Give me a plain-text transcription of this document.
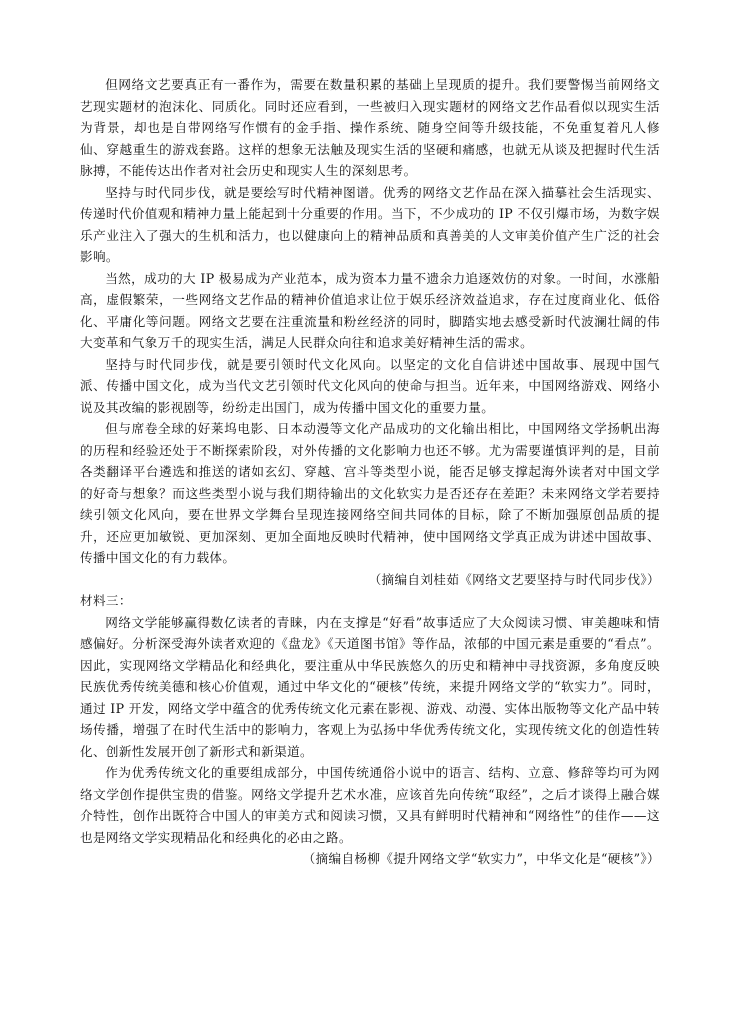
但网络文艺要真正有一番作为，需要在数量积累的基础上呈现质的提升。我们要警惕当前网络文艺现实题材的泡沫化、同质化。同时还应看到，一些被归入现实题材的网络文艺作品看似以现实生活为背景，却也是自带网络写作惯有的金手指、操作系统、随身空间等升级技能，不免重复着凡人修仙、穿越重生的游戏套路。这样的想象无法触及现实生活的坚硬和痛感，也就无从谈及把握时代生活脉搏，不能传达出作者对社会历史和现实人生的深刻思考。

坚持与时代同步伐，就是要绘写时代精神图谱。优秀的网络文艺作品在深入描摹社会生活现实、传递时代价值观和精神力量上能起到十分重要的作用。当下，不少成功的 IP 不仅引爆市场，为数字娱乐产业注入了强大的生机和活力，也以健康向上的精神品质和真善美的人文审美价值产生广泛的社会影响。

当然，成功的大 IP 极易成为产业范本，成为资本力量不遗余力追逐效仿的对象。一时间，水涨船高，虚假繁荣，一些网络文艺作品的精神价值追求让位于娱乐经济效益追求，存在过度商业化、低俗化、平庸化等问题。网络文艺要在注重流量和粉丝经济的同时，脚踏实地去感受新时代波澜壮阔的伟大变革和气象万千的现实生活，满足人民群众向往和追求美好精神生活的需求。

坚持与时代同步伐，就是要引领时代文化风向。以坚定的文化自信讲述中国故事、展现中国气派、传播中国文化，成为当代文艺引领时代文化风向的使命与担当。近年来，中国网络游戏、网络小说及其改编的影视剧等，纷纷走出国门，成为传播中国文化的重要力量。

但与席卷全球的好莱坞电影、日本动漫等文化产品成功的文化输出相比，中国网络文学扬帆出海的历程和经验还处于不断探索阶段，对外传播的文化影响力也还不够。尤为需要谨慎评判的是，目前各类翻译平台遴选和推送的诸如玄幻、穿越、宫斗等类型小说，能否足够支撑起海外读者对中国文学的好奇与想象？而这些类型小说与我们期待输出的文化软实力是否还存在差距？未来网络文学若要持续引领文化风向，要在世界文学舞台呈现连接网络空间共同体的目标，除了不断加强原创品质的提升，还应更加敏锐、更加深刻、更加全面地反映时代精神，使中国网络文学真正成为讲述中国故事、传播中国文化的有力载体。

（摘编自刘桂茹《网络文艺要坚持与时代同步伐》）

材料三：

网络文学能够赢得数亿读者的青睐，内在支撑是“好看”故事适应了大众阅读习惯、审美趣味和情感偏好。分析深受海外读者欢迎的《盘龙》《天道图书馆》等作品，浓郁的中国元素是重要的“看点”。因此，实现网络文学精品化和经典化，要注重从中华民族悠久的历史和精神中寻找资源，多角度反映民族优秀传统美德和核心价值观，通过中华文化的“硬核”传统，来提升网络文学的“软实力”。同时，通过 IP 开发，网络文学中蕴含的优秀传统文化元素在影视、游戏、动漫、实体出版物等文化产品中转场传播，增强了在时代生活中的影响力，客观上为弘扬中华优秀传统文化，实现传统文化的创造性转化、创新性发展开创了新形式和新渠道。

作为优秀传统文化的重要组成部分，中国传统通俗小说中的语言、结构、立意、修辞等均可为网络文学创作提供宝贵的借鉴。网络文学提升艺术水准，应该首先向传统“取经”，之后才谈得上融合媒介特性，创作出既符合中国人的审美方式和阅读习惯，又具有鲜明时代精神和“网络性”的佳作——这也是网络文学实现精品化和经典化的必由之路。

（摘编自杨柳《提升网络文学“软实力”，中华文化是“硬核”》）
